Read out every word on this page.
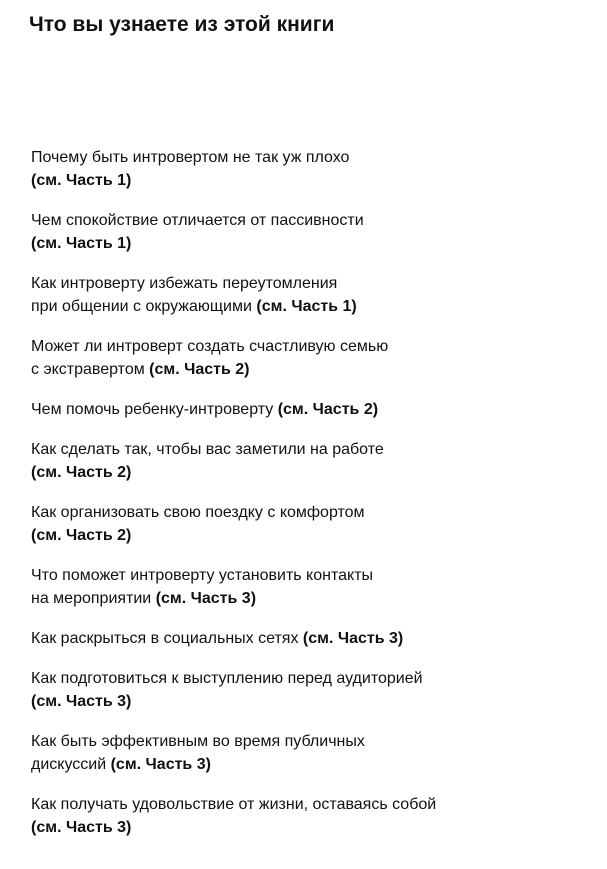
Что вы узнаете из этой книги
Почему быть интровертом не так уж плохо
(см. Часть 1)
Чем спокойствие отличается от пассивности
(см. Часть 1)
Как интроверту избежать переутомления
при общении с окружающими (см. Часть 1)
Может ли интроверт создать счастливую семью
с экстравертом (см. Часть 2)
Чем помочь ребенку-интроверту (см. Часть 2)
Как сделать так, чтобы вас заметили на работе
(см. Часть 2)
Как организовать свою поездку с комфортом
(см. Часть 2)
Что поможет интроверту установить контакты
на мероприятии (см. Часть 3)
Как раскрыться в социальных сетях (см. Часть 3)
Как подготовиться к выступлению перед аудиторией
(см. Часть 3)
Как быть эффективным во время публичных
дискуссий (см. Часть 3)
Как получать удовольствие от жизни, оставаясь собой
(см. Часть 3)
